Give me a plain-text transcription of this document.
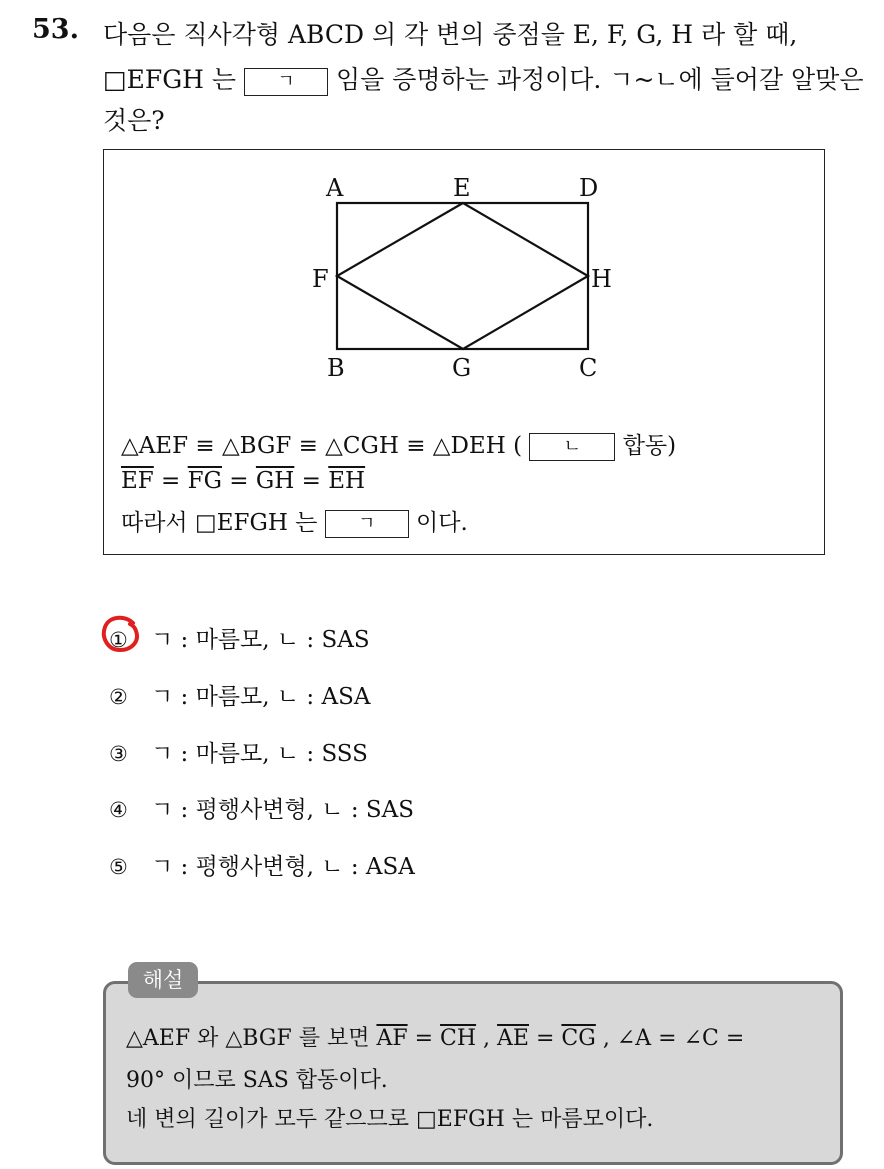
53. 다음은 직사각형 ABCD 의 각 변의 중점을 E, F, G, H 라 할 때,
□EFGH 는 ㄱ 임을 증명하는 과정이다. ㄱ~ㄴ에 들어갈 알맞은
것은?
A	E	D
F	H
B	G	C
△AEF ≡ △BGF ≡ △CGH ≡ △DEH ( ㄴ 합동)
$\overline{EF} = \overline{FG} = \overline{GH} = \overline{EH}$
따라서 □EFGH 는 ㄱ 이다.
① ㄱ : 마름모, ㄴ : SAS
② ㄱ : 마름모, ㄴ : ASA
③ ㄱ : 마름모, ㄴ : SSS
④ ㄱ : 평행사변형, ㄴ : SAS
⑤ ㄱ : 평행사변형, ㄴ : ASA
해설
△AEF 와 △BGF 를 보면 $\overline{AF} = \overline{CH}$ , $\overline{AE} = \overline{CG}$ , ∠A = ∠C =
90° 이므로 SAS 합동이다.
네 변의 길이가 모두 같으므로 □EFGH 는 마름모이다.
